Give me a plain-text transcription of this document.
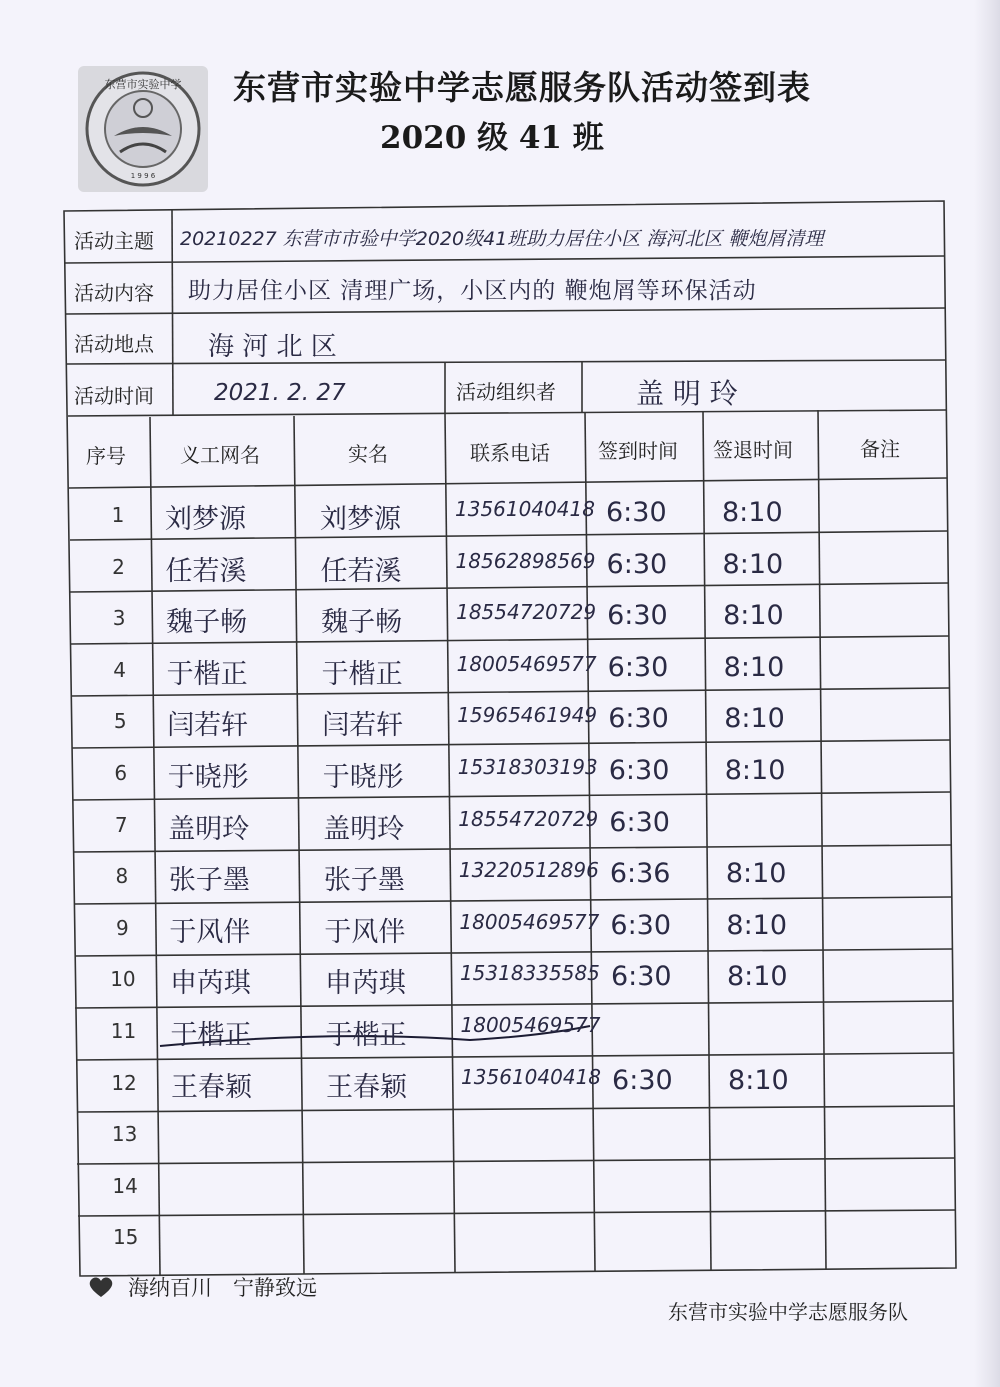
东营市实验中学
1 9 9 6
东营市实验中学志愿服务队活动签到表
2020 级 41 班
活动主题 20210227 东营市市验中学2020级41班助力居住小区 海河北区 鞭炮屑清理
活动内容 助力居住小区 清理广场，小区内的 鞭炮屑等环保活动
活动地点 海 河 北 区
活动时间	2021. 2. 27	活动组织者	盖 明 玲
序号	义工网名	实名	联系电话 签到时间 签退时间	备注
1	刘梦源	刘梦源	13561040418 6:30	8:10
2	任若溪	任若溪	18562898569 6:30	8:10
3	魏子畅	魏子畅	18554720729 6:30	8:10
4	于楷正	于楷正	18005469577 6:30	8:10
5	闫若轩	闫若轩	15965461949 6:30	8:10
6	于晓彤	于晓彤	15318303193 6:30	8:10
7	盖明玲	盖明玲	18554720729 6:30
8	张子墨	张子墨	13220512896 6:36	8:10
9	于风伴	于风伴	18005469577 6:30	8:10
10 申芮琪	申芮琪	15318335585 6:30	8:10
11 于楷正	于楷正	18005469577
12 王春颖	王春颖	13561040418 6:30	8:10
13
14
15
海纳百川　宁静致远
东营市实验中学志愿服务队
